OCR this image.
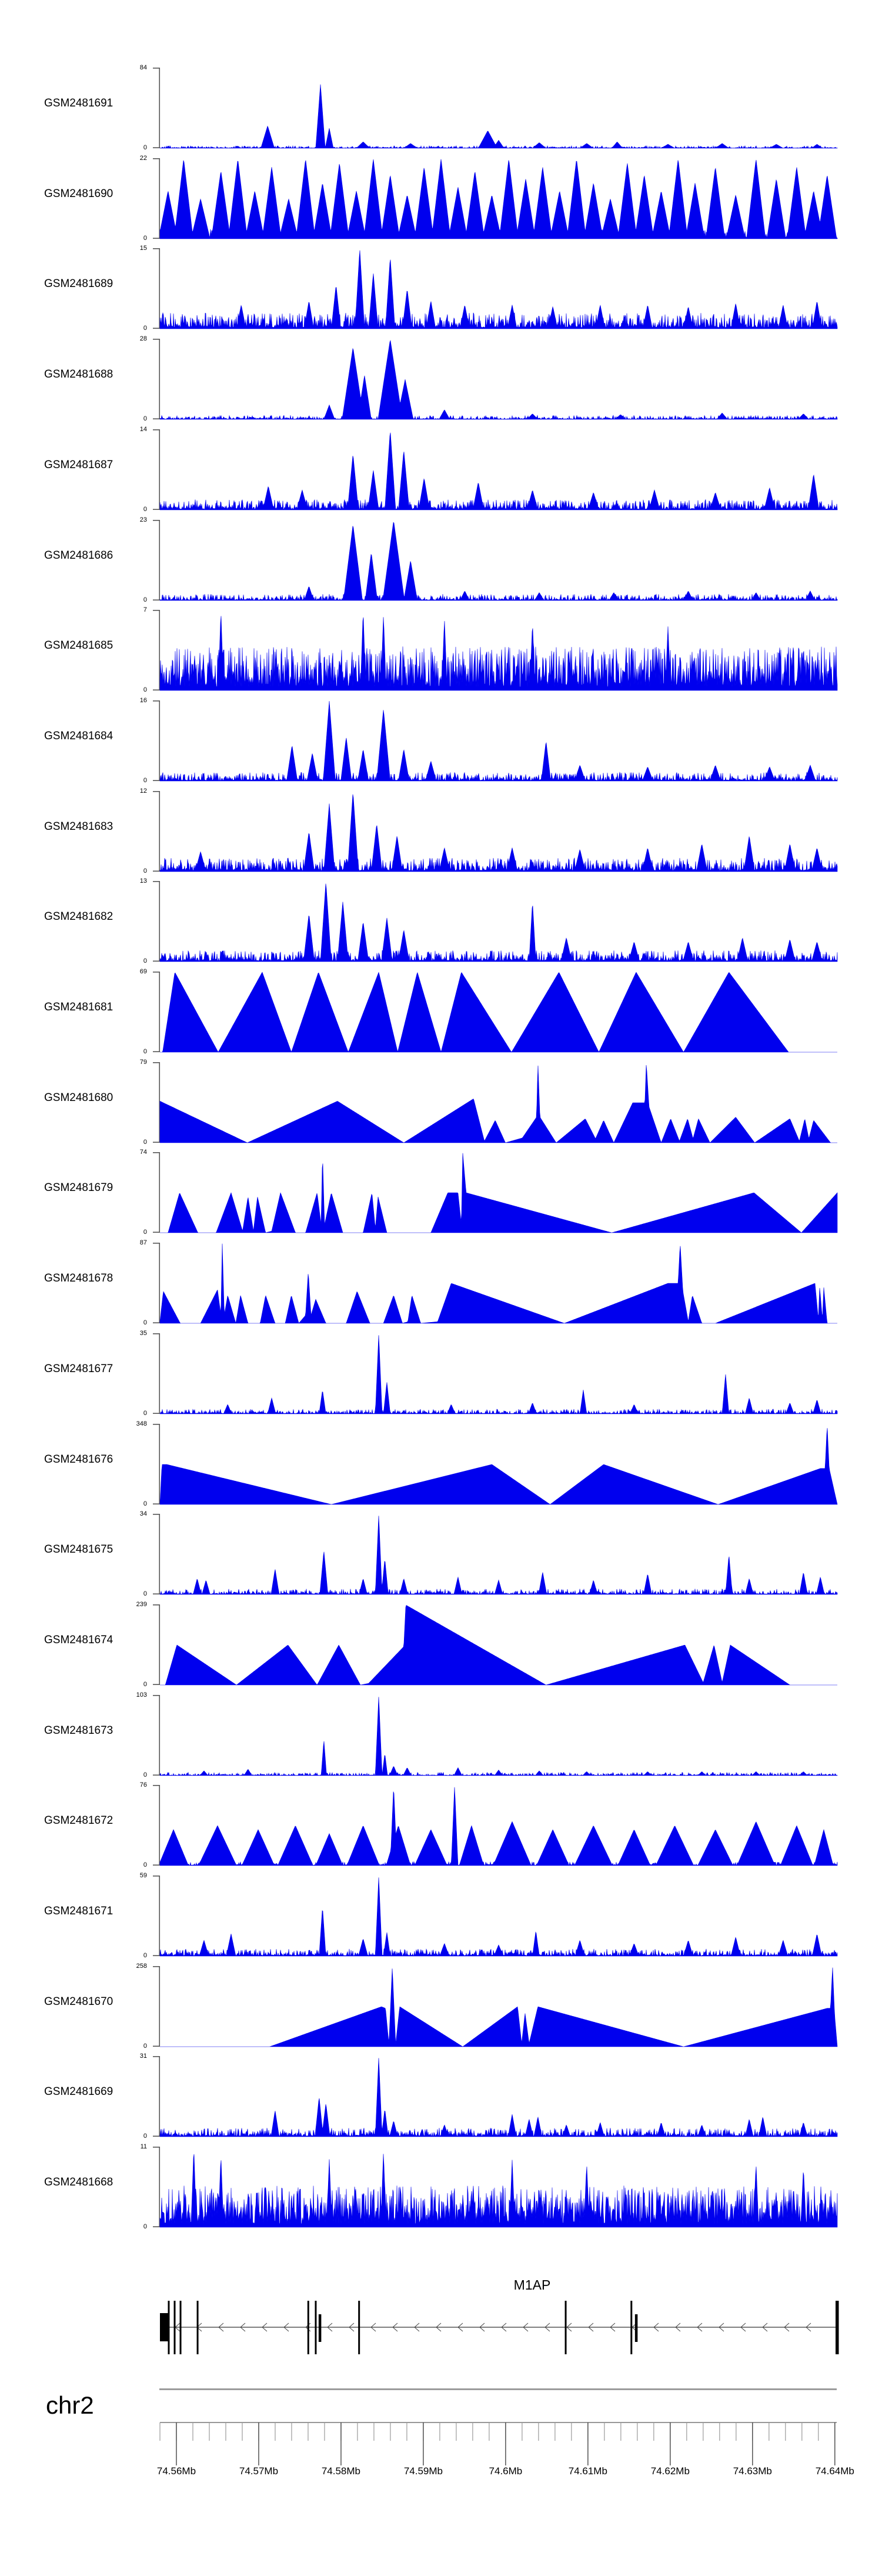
GSM2481691
84
0
GSM2481690
22
0
GSM2481689
15
0
GSM2481688
28
0
GSM2481687
14
0
GSM2481686
23
0
GSM2481685
7
0
GSM2481684
16
0
GSM2481683
12
0
GSM2481682
13
0
GSM2481681
69
0
GSM2481680
79
0
GSM2481679
74
0
GSM2481678
87
0
GSM2481677
35
0
GSM2481676
348
0
GSM2481675
34
0
GSM2481674
239
0
GSM2481673
103
0
GSM2481672
76
0
GSM2481671
59
0
GSM2481670
258
0
GSM2481669
31
0
GSM2481668
11
0
M1AP
chr2
74.56Mb	74.57Mb	74.58Mb	74.59Mb	74.6Mb	74.61Mb	74.62Mb	74.63Mb	74.64Mb
